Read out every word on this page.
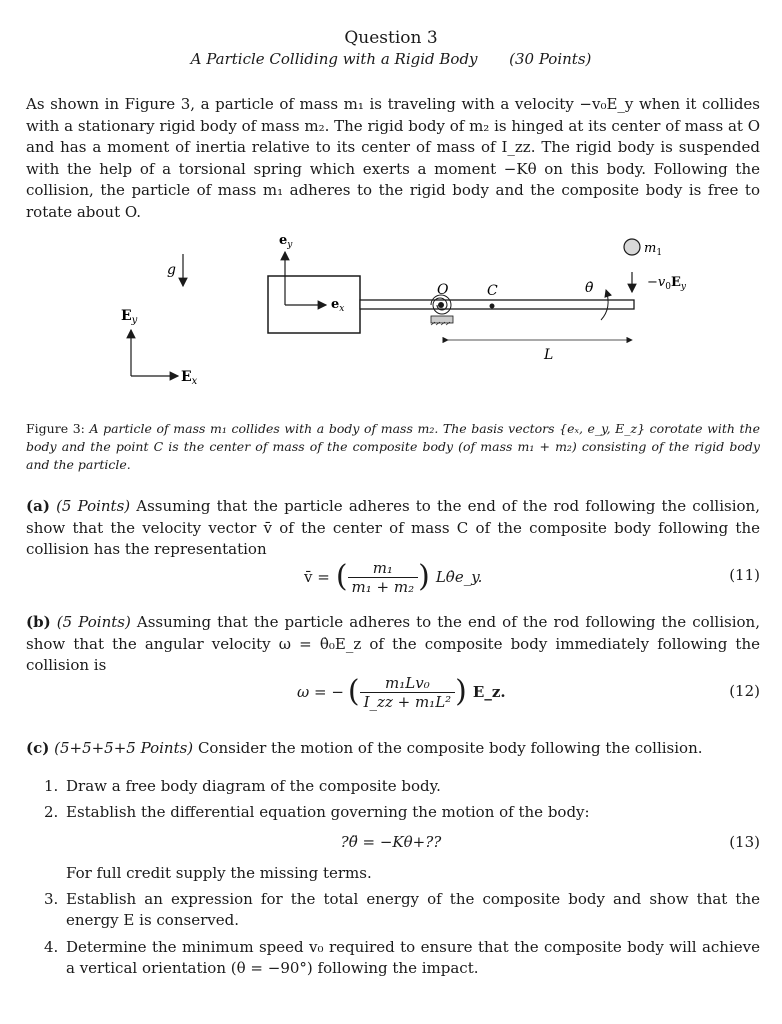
Question 3
A Particle Colliding with a Rigid Body (30 Points)
As shown in Figure 3, a particle of mass m₁ is traveling with a velocity −v₀E_y when it collides with a stationary rigid body of mass m₂. The rigid body of m₂ is hinged at its center of mass at O and has a moment of inertia relative to its center of mass of I_zz. The rigid body is suspended with the help of a torsional spring which exerts a moment −Kθ on this body. Following the collision, the particle of mass m₁ adheres to the rigid body and the composite body is free to rotate about O.
g
$E_y$
$E_x$
$e_y$
$e_x$
O	C	θ̇
$m_1$
$-v_0E_y$
L
Figure 3: A particle of mass m₁ collides with a body of mass m₂. The basis vectors {eₓ, e_y, E_z} corotate with the body and the point C is the center of mass of the composite body (of mass m₁ + m₂) consisting of the rigid body and the particle.
(a) (5 Points) Assuming that the particle adheres to the end of the rod following the collision, show that the velocity vector v̄ of the center of mass C of the composite body following the collision has the representation
v̄ = ( $\frac{\text{m₁}}{\text{m₁ + m₂}}$ ) Lθ̇e_y.	(11)
(b) (5 Points) Assuming that the particle adheres to the end of the rod following the collision, show that the angular velocity ω = θ̇₀E_z of the composite body immediately following the collision is
ω = − ( $\frac{\text{m₁Lv₀}}{\text{I\_zz + m₁L²}}$ ) E_z.	(12)
(c) (5+5+5+5 Points) Consider the motion of the composite body following the collision.
1. Draw a free body diagram of the composite body.
2. Establish the differential equation governing the motion of the body:
?θ̈ = −Kθ+??	(13)
For full credit supply the missing terms.
3. Establish an expression for the total energy of the composite body and show that the energy E is conserved.
4. Determine the minimum speed v₀ required to ensure that the composite body will achieve a vertical orientation (θ = −90°) following the impact.
